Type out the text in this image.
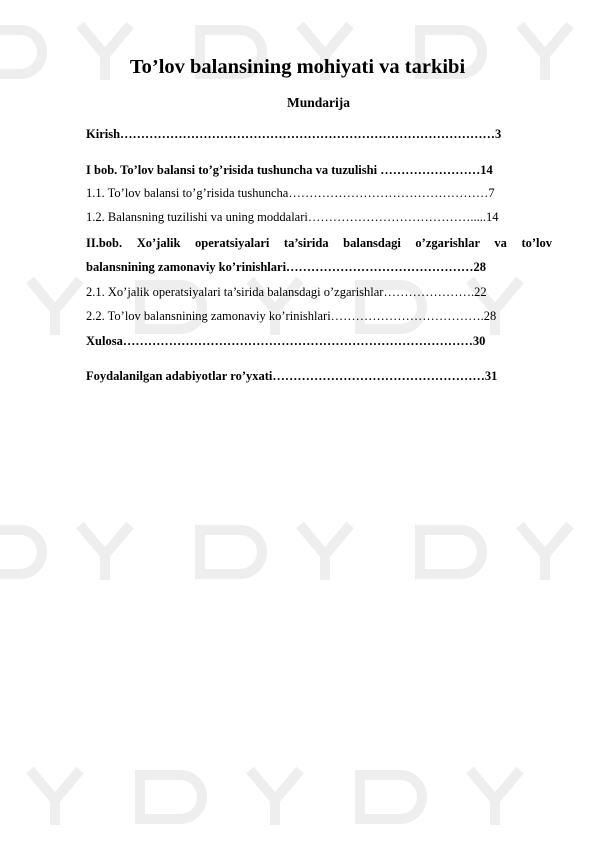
To’lov balansining mohiyati va tarkibi
Mundarija
Kirish………………………………………………………………………………3
I bob. To’lov balansi to’g’risida tushuncha va tuzulishi ……………………14
1.1. To’lov balansi to’g’risida tushuncha…………………………………………7
1.2. Balansning tuzilishi va uning moddalari………………………………….....14
II.bob. Xo’jalik operatsiyalari ta’sirida balansdagi o’zgarishlar va to’lov
balansnining zamonaviy ko’rinishlari………………………………………28
2.1. Xo’jalik operatsiyalari ta’sirida balansdagi o’zgarishlar………………….22
2.2. To’lov balansnining zamonaviy ko’rinishlari……………………………….28
Xulosa…………………………………………………………………………30
Foydalanilgan adabiyotlar ro’yxati……………………………………………31
